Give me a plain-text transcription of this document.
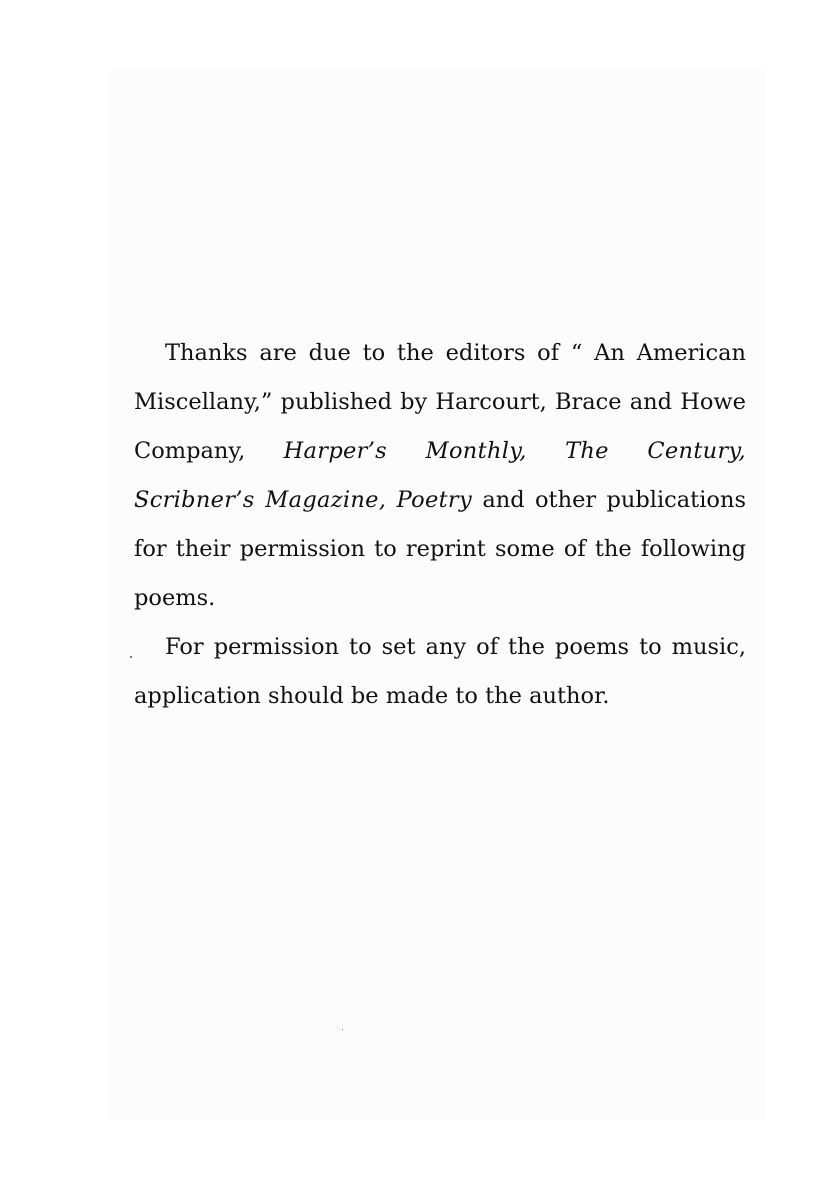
Thanks are due to the editors of “ An American Miscellany,” published by Harcourt, Brace and Howe Company, Harper’s Monthly, The Century, Scribner’s Magazine, Poetry and other publications for their permission to reprint some of the following poems.

For permission to set any of the poems to music, application should be made to the author.
